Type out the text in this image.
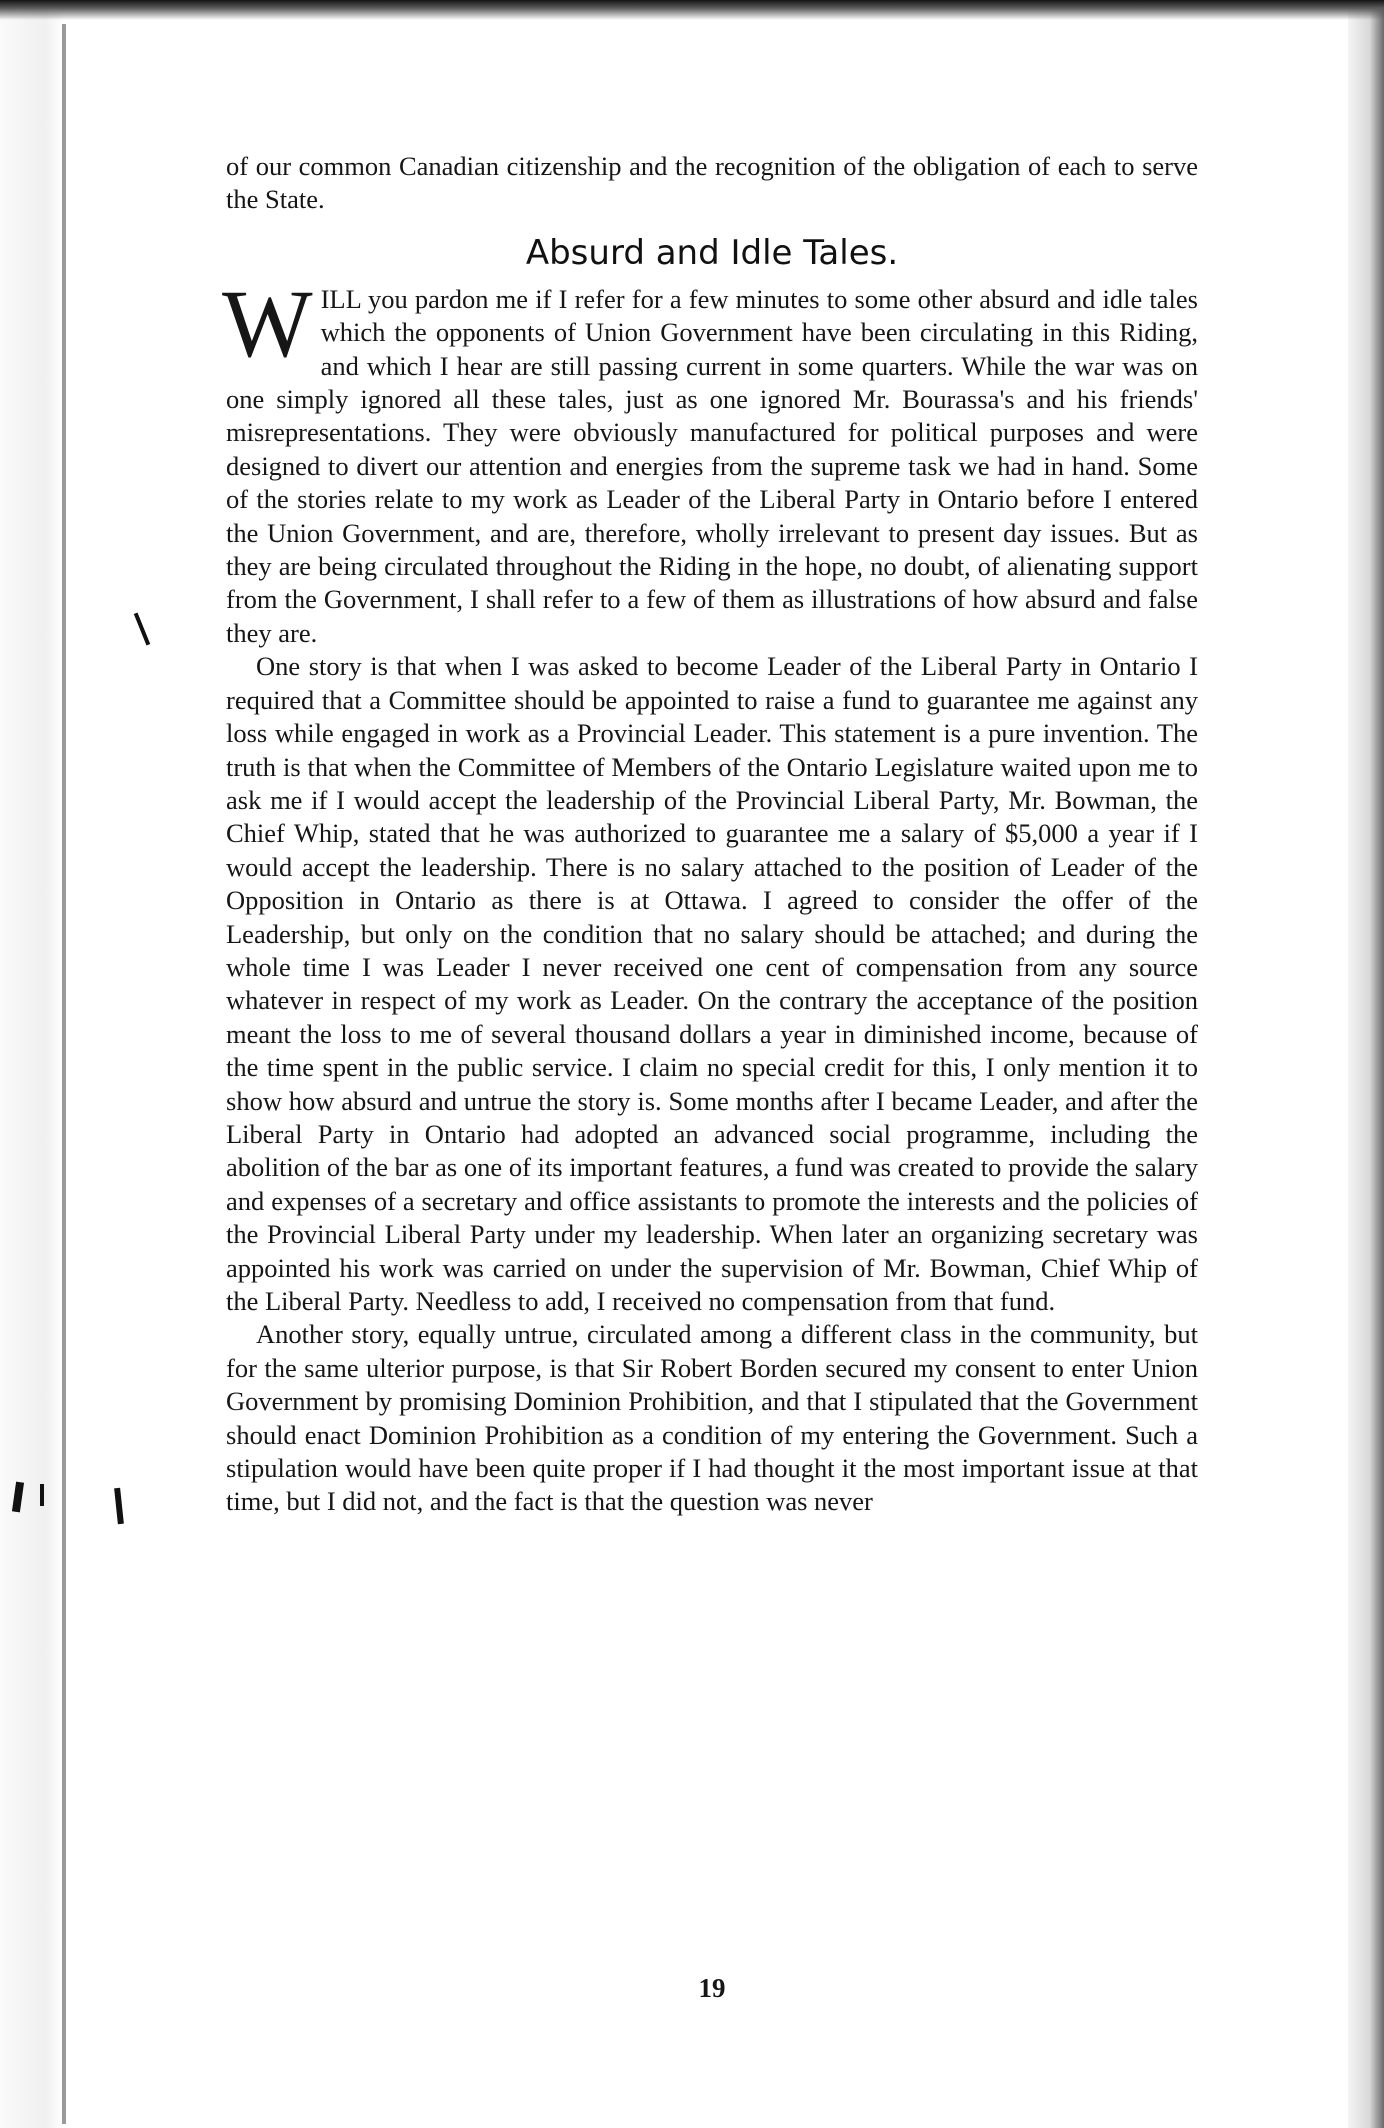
of our common Canadian citizenship and the recognition of the obligation of each to serve the State.

Absurd and Idle Tales.

WILL you pardon me if I refer for a few minutes to some other absurd and idle tales which the opponents of Union Government have been circulating in this Riding, and which I hear are still passing current in some quarters. While the war was on one simply ignored all these tales, just as one ignored Mr. Bourassa's and his friends' misrepresentations. They were obviously manufactured for political purposes and were designed to divert our attention and energies from the supreme task we had in hand. Some of the stories relate to my work as Leader of the Liberal Party in Ontario before I entered the Union Government, and are, therefore, wholly irrelevant to present day issues. But as they are being circulated throughout the Riding in the hope, no doubt, of alienating support from the Government, I shall refer to a few of them as illustrations of how absurd and false they are.

One story is that when I was asked to become Leader of the Liberal Party in Ontario I required that a Committee should be appointed to raise a fund to guarantee me against any loss while engaged in work as a Provincial Leader. This statement is a pure invention. The truth is that when the Committee of Members of the Ontario Legislature waited upon me to ask me if I would accept the leadership of the Provincial Liberal Party, Mr. Bowman, the Chief Whip, stated that he was authorized to guarantee me a salary of $5,000 a year if I would accept the leadership. There is no salary attached to the position of Leader of the Opposition in Ontario as there is at Ottawa. I agreed to consider the offer of the Leadership, but only on the condition that no salary should be attached; and during the whole time I was Leader I never received one cent of compensation from any source whatever in respect of my work as Leader. On the contrary the acceptance of the position meant the loss to me of several thousand dollars a year in diminished income, because of the time spent in the public service. I claim no special credit for this, I only mention it to show how absurd and untrue the story is. Some months after I became Leader, and after the Liberal Party in Ontario had adopted an advanced social programme, including the abolition of the bar as one of its important features, a fund was created to provide the salary and expenses of a secretary and office assistants to promote the interests and the policies of the Provincial Liberal Party under my leadership. When later an organizing secretary was appointed his work was carried on under the supervision of Mr. Bowman, Chief Whip of the Liberal Party. Needless to add, I received no compensation from that fund.

Another story, equally untrue, circulated among a different class in the community, but for the same ulterior purpose, is that Sir Robert Borden secured my consent to enter Union Government by promising Dominion Prohibition, and that I stipulated that the Government should enact Dominion Prohibition as a condition of my entering the Government. Such a stipulation would have been quite proper if I had thought it the most important issue at that time, but I did not, and the fact is that the question was never

19
